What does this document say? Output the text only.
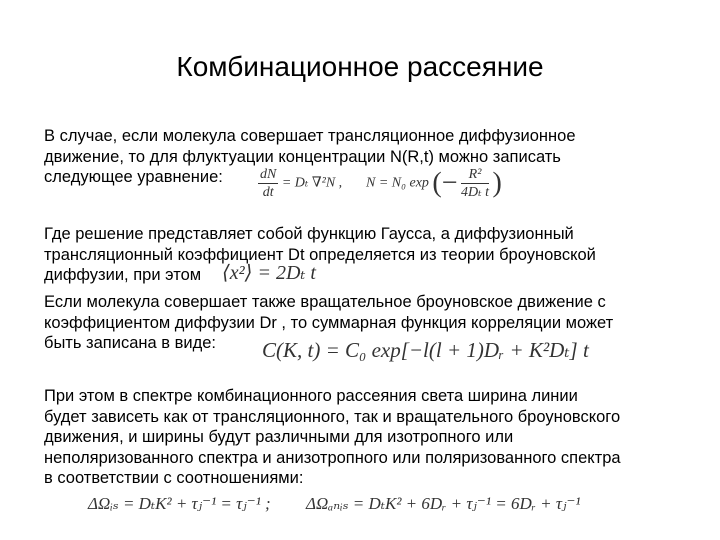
Комбинационное рассеяние
В случае, если молекула совершает трансляционное диффузионное
движение, то для флуктуации концентрации N(R,t) можно записать
следующее уравнение:	$\frac{dN}{dt} = D_t$ ∇²N , N = N₀ exp (− $\frac{\text{R²}}{\text{4Dₜ t}}$ )
Где решение представляет собой функцию Гаусса, а диффузионный
трансляционный коэффициент Dt определяется из теории броуновской
диффузии, при этом	⟨x²⟩ = 2Dₜ t
Если молекула совершает также вращательное броуновское движение с
коэффициентом диффузии Dr , то суммарная функция корреляции может
быть записана в виде:	C(K, t) = C₀ exp[−l(l + 1)Dᵣ + K²Dₜ] t
При этом в спектре комбинационного рассеяния света ширина линии
будет зависеть как от трансляционного, так и вращательного броуновского
движения, и ширины будут различными для изотропного или
неполяризованного спектра и анизотропного или поляризованного спектра
в соответствии с соотношениями:
ΔΩᵢₛ = DₜK² + τⱼ⁻¹ = τⱼ⁻¹ ; ΔΩₐₙᵢₛ = DₜK² + 6Dᵣ + τⱼ⁻¹ = 6Dᵣ + τⱼ⁻¹
